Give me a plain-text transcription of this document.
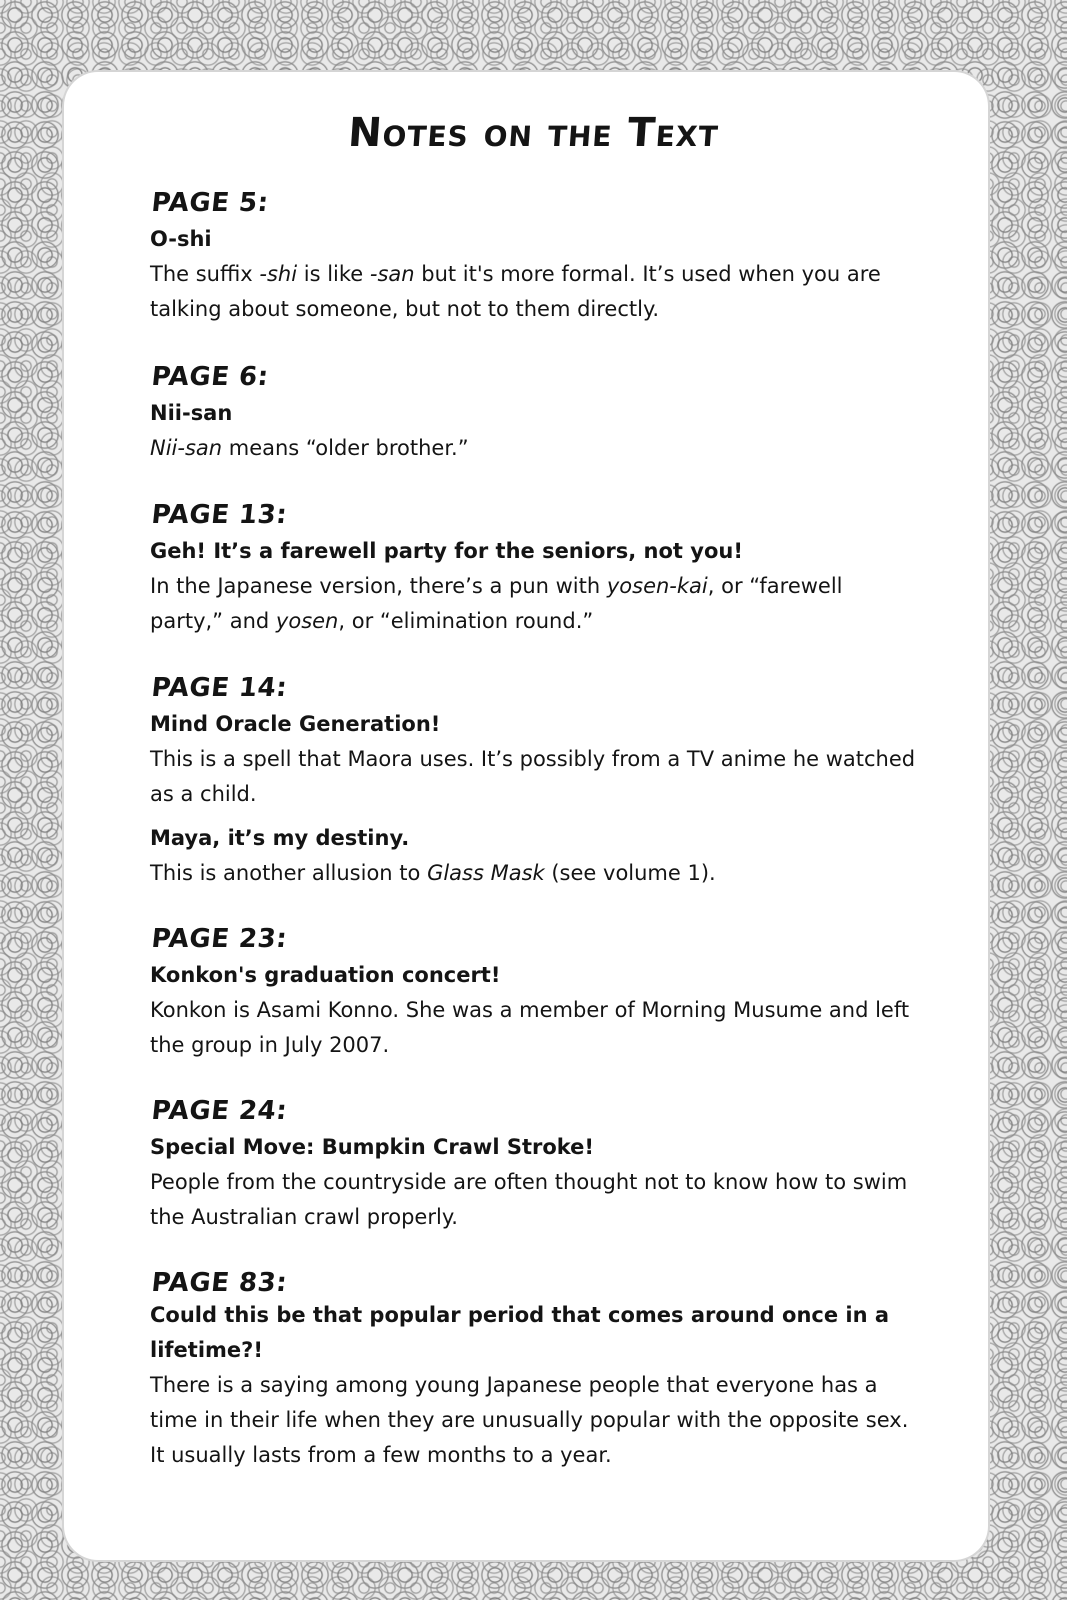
Notes on the Text
PAGE 5:
O-shi
The suffix -shi is like -san but it's more formal. It’s used when you are talking about someone, but not to them directly.
PAGE 6:
Nii-san
Nii-san means “older brother.”
PAGE 13:
Geh! It’s a farewell party for the seniors, not you!
In the Japanese version, there’s a pun with yosen-kai, or “farewell party,” and yosen, or “elimination round.”
PAGE 14:
Mind Oracle Generation!
This is a spell that Maora uses. It’s possibly from a TV anime he watched as a child.
Maya, it’s my destiny.
This is another allusion to Glass Mask (see volume 1).
PAGE 23:
Konkon's graduation concert!
Konkon is Asami Konno. She was a member of Morning Musume and left the group in July 2007.
PAGE 24:
Special Move: Bumpkin Crawl Stroke!
People from the countryside are often thought not to know how to swim the Australian crawl properly.
PAGE 83:
Could this be that popular period that comes around once in a lifetime?!
There is a saying among young Japanese people that everyone has a time in their life when they are unusually popular with the opposite sex. It usually lasts from a few months to a year.
